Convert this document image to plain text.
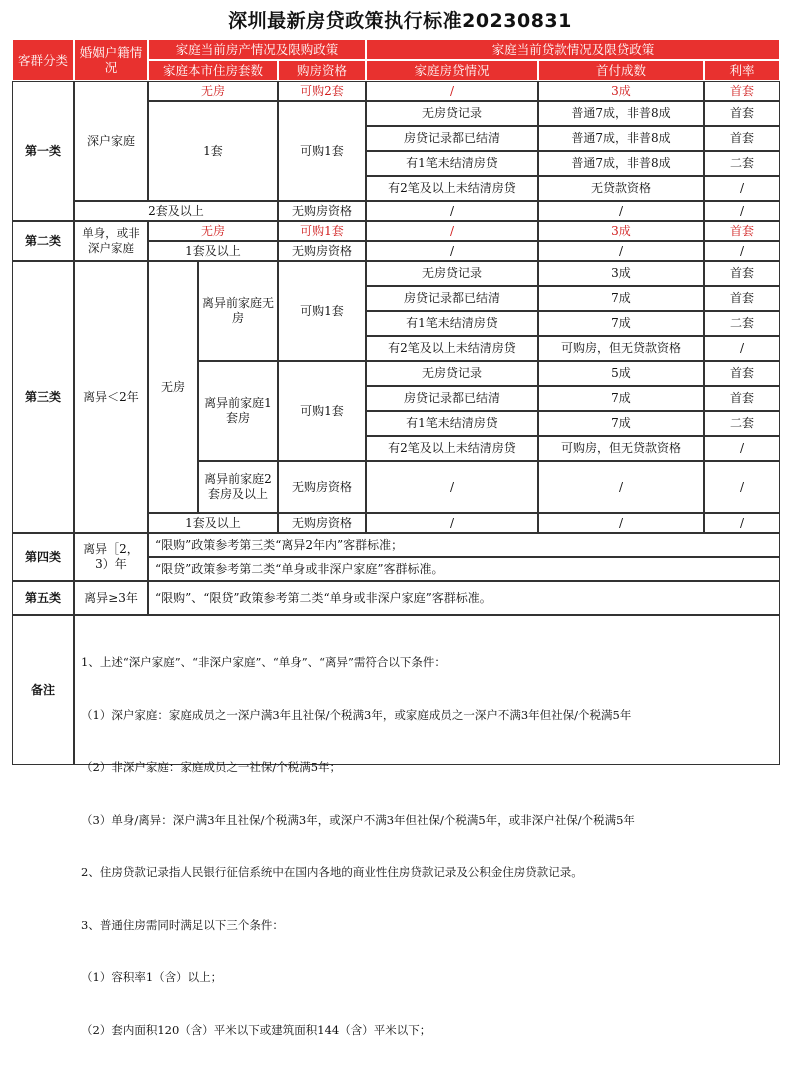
深圳最新房贷政策执行标准20230831
客群分类 婚姻户籍情况
家庭当前房产情况及限购政策	家庭当前贷款情况及限贷政策
家庭本市住房套数	购房资格	家庭房贷情况	首付成数	利率
第一类
深户家庭
无房	可购2套	/	3成	首套
1套	可购1套
无房贷记录	普通7成，非普8成	首套
房贷记录都已结清	普通7成，非普8成	首套
有1笔未结清房贷	普通7成，非普8成	二套
有2笔及以上未结清房贷	无贷款资格	/
2套及以上	无购房资格	/	/	/
第二类
单身，或非深户家庭
无房	可购1套	/	3成	首套
1套及以上	无购房资格	/	/	/
第三类	离异＜2年
无房
离异前家庭无房
可购1套
无房贷记录	3成	首套
房贷记录都已结清	7成	首套
有1笔未结清房贷	7成	二套
有2笔及以上未结清房贷	可购房，但无贷款资格	/
离异前家庭1套房
可购1套
无房贷记录	5成	首套
房贷记录都已结清	7成	首套
有1笔未结清房贷	7成	二套
有2笔及以上未结清房贷	可购房，但无贷款资格	/
离异前家庭2套房及以上
无购房资格	/	/	/
1套及以上	无购房资格	/	/	/
第四类
离异［2，3）年
“限购”政策参考第三类“离异2年内”客群标准；
“限贷”政策参考第二类“单身或非深户家庭”客群标准。
第五类	离异≥3年	“限购”、“限贷”政策参考第二类“单身或非深户家庭”客群标准。
备注

1、上述“深户家庭”、“非深户家庭”、“单身”、“离异”需符合以下条件：

（1）深户家庭：家庭成员之一深户满3年且社保/个税满3年，或家庭成员之一深户不满3年但社保/个税满5年

（2）非深户家庭：家庭成员之一社保/个税满5年；

（3）单身/离异：深户满3年且社保/个税满3年，或深户不满3年但社保/个税满5年，或非深户社保/个税满5年

2、住房贷款记录指人民银行征信系统中在国内各地的商业性住房贷款记录及公积金住房贷款记录。

3、普通住房需同时满足以下三个条件：

（1）容积率1（含）以上；

（2）套内面积120（含）平米以下或建筑面积144（含）平米以下；
